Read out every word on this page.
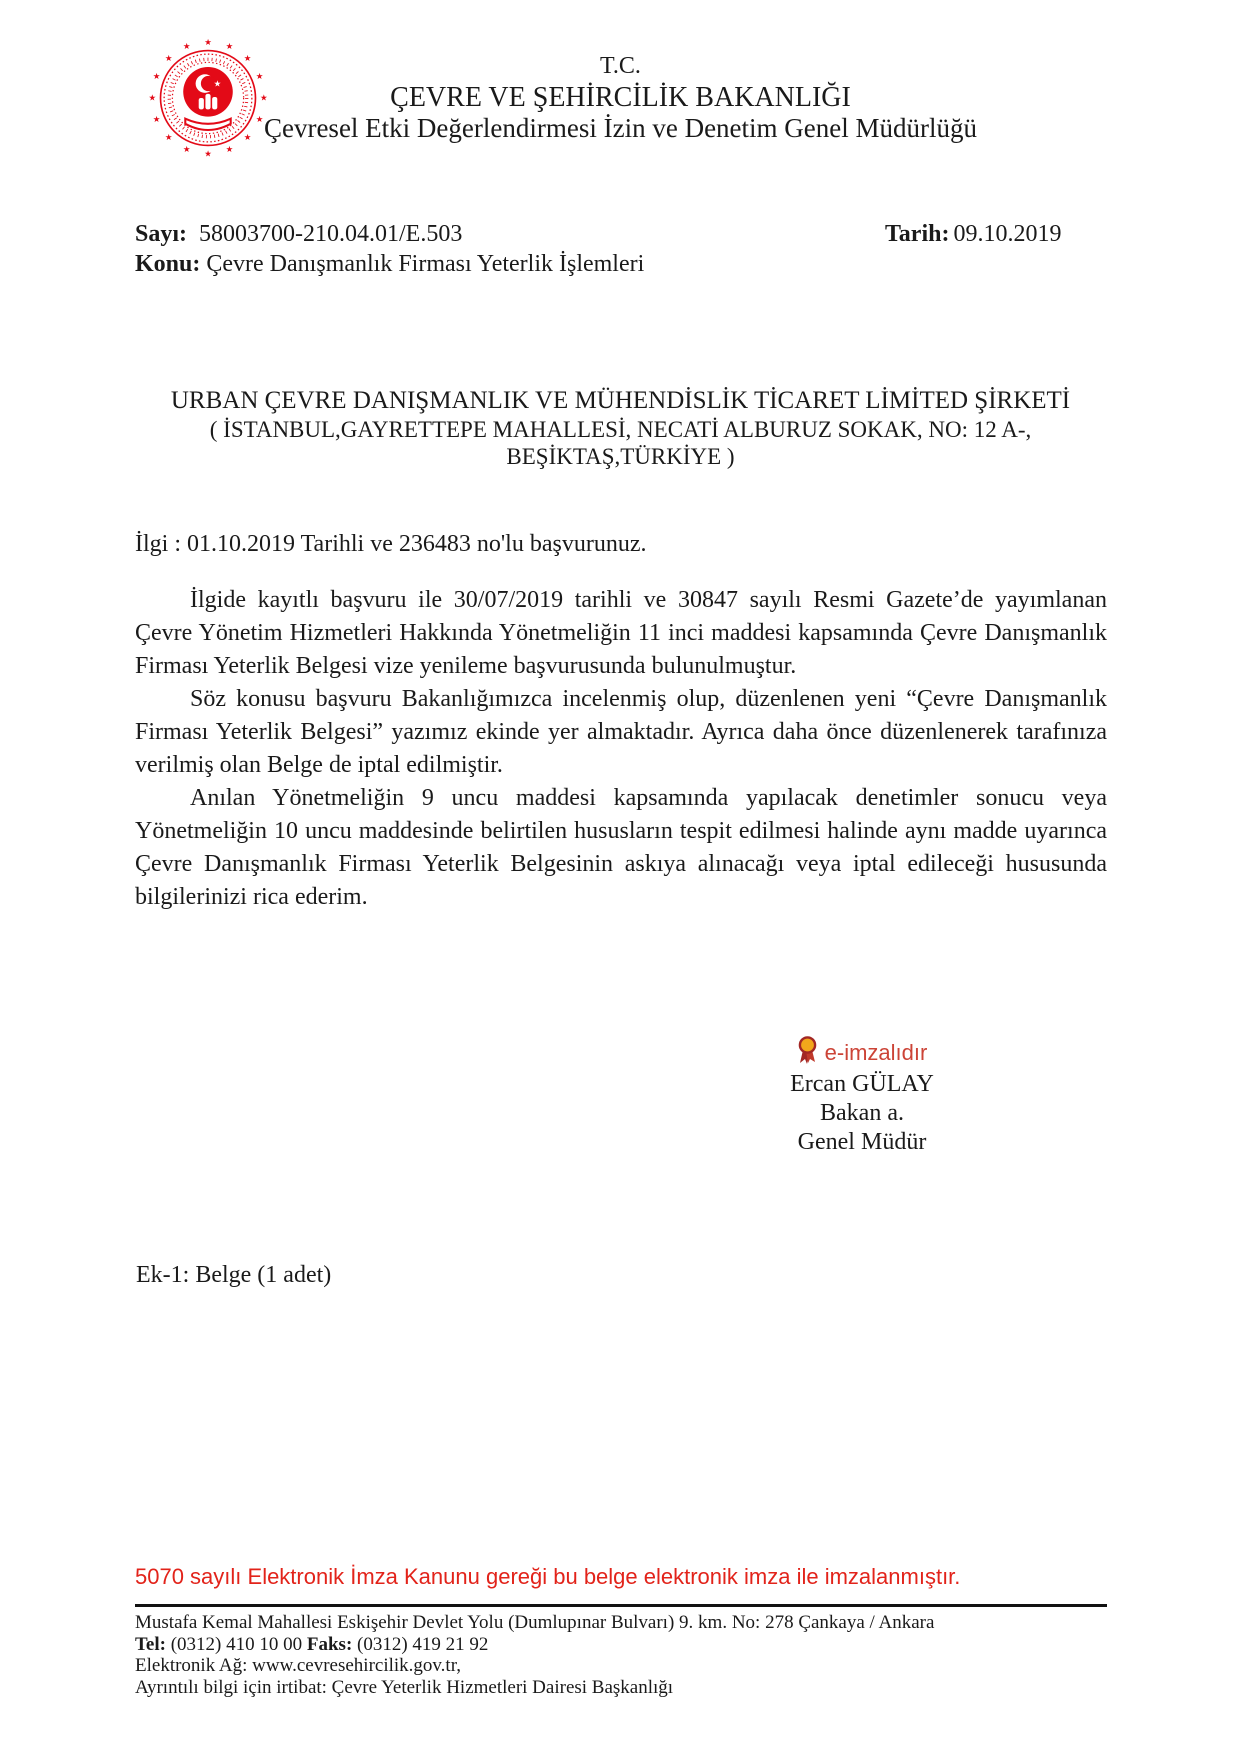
★ ★
★
★
★
★
★
★
★
★
★
★
★
★
★
★
★
T.C.
ÇEVRE VE ŞEHİRCİLİK BAKANLIĞI
Çevresel Etki Değerlendirmesi İzin ve Denetim Genel Müdürlüğü
Sayı: 58003700-210.04.01/E.503	Tarih: 09.10.2019
Konu: Çevre Danışmanlık Firması Yeterlik İşlemleri
URBAN ÇEVRE DANIŞMANLIK VE MÜHENDİSLİK TİCARET LİMİTED ŞİRKETİ
( İSTANBUL,GAYRETTEPE MAHALLESİ, NECATİ ALBURUZ SOKAK, NO: 12 A-,
BEŞİKTAŞ,TÜRKİYE )
İlgi : 01.10.2019 Tarihli ve 236483 no'lu başvurunuz.

İlgide kayıtlı başvuru ile 30/07/2019 tarihli ve 30847 sayılı Resmi Gazete’de yayımlanan Çevre Yönetim Hizmetleri Hakkında Yönetmeliğin 11 inci maddesi kapsamında Çevre Danışmanlık Firması Yeterlik Belgesi vize yenileme başvurusunda bulunulmuştur.

Söz konusu başvuru Bakanlığımızca incelenmiş olup, düzenlenen yeni “Çevre Danışmanlık Firması Yeterlik Belgesi” yazımız ekinde yer almaktadır. Ayrıca daha önce düzenlenerek tarafınıza verilmiş olan Belge de iptal edilmiştir.

Anılan Yönetmeliğin 9 uncu maddesi kapsamında yapılacak denetimler sonucu veya Yönetmeliğin 10 uncu maddesinde belirtilen hususların tespit edilmesi halinde aynı madde uyarınca Çevre Danışmanlık Firması Yeterlik Belgesinin askıya alınacağı veya iptal edileceği hususunda bilgilerinizi rica ederim.

e-imzalıdır
Ercan GÜLAY
Bakan a.
Genel Müdür
Ek-1: Belge (1 adet)
5070 sayılı Elektronik İmza Kanunu gereği bu belge elektronik imza ile imzalanmıştır.
Mustafa Kemal Mahallesi Eskişehir Devlet Yolu (Dumlupınar Bulvarı) 9. km. No: 278 Çankaya / Ankara
Tel: (0312) 410 10 00 Faks: (0312) 419 21 92
Elektronik Ağ: www.cevresehircilik.gov.tr,
Ayrıntılı bilgi için irtibat: Çevre Yeterlik Hizmetleri Dairesi Başkanlığı
